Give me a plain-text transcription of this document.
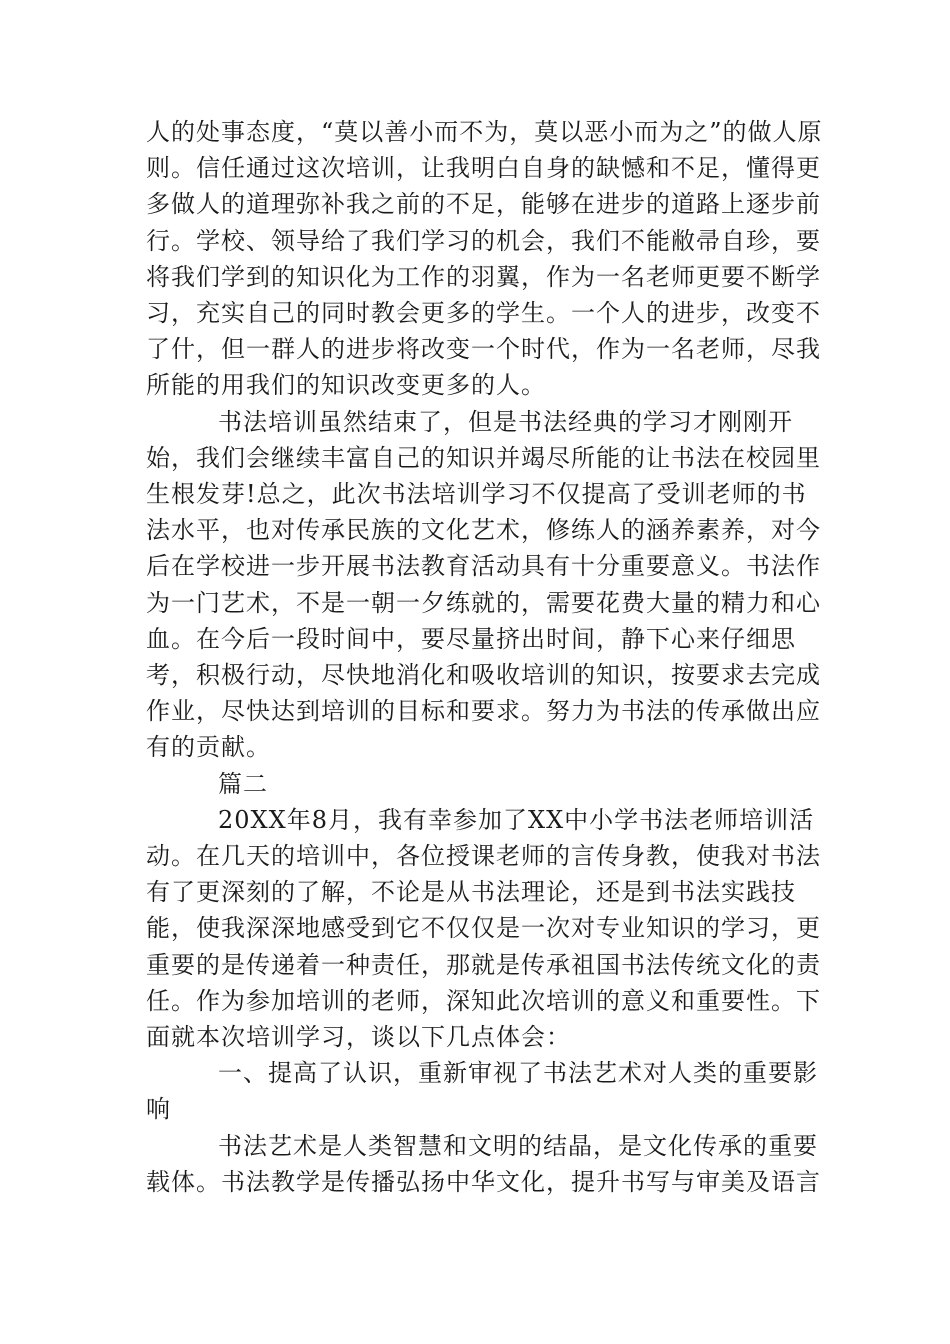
人的处事态度，“莫以善小而不为，莫以恶小而为之”的做人原则。信任通过这次培训，让我明白自身的缺憾和不足，懂得更多做人的道理弥补我之前的不足，能够在进步的道路上逐步前行。学校、领导给了我们学习的机会，我们不能敝帚自珍，要将我们学到的知识化为工作的羽翼，作为一名老师更要不断学习，充实自己的同时教会更多的学生。一个人的进步，改变不了什，但一群人的进步将改变一个时代，作为一名老师，尽我所能的用我们的知识改变更多的人。

书法培训虽然结束了，但是书法经典的学习才刚刚开始，我们会继续丰富自己的知识并竭尽所能的让书法在校园里生根发芽!总之，此次书法培训学习不仅提高了受训老师的书法水平，也对传承民族的文化艺术，修练人的涵养素养，对今后在学校进一步开展书法教育活动具有十分重要意义。书法作为一门艺术，不是一朝一夕练就的，需要花费大量的精力和心血。在今后一段时间中，要尽量挤出时间，静下心来仔细思考，积极行动，尽快地消化和吸收培训的知识，按要求去完成作业，尽快达到培训的目标和要求。努力为书法的传承做出应有的贡献。

篇二

20XX年8月，我有幸参加了XX中小学书法老师培训活动。在几天的培训中，各位授课老师的言传身教，使我对书法有了更深刻的了解，不论是从书法理论，还是到书法实践技能，使我深深地感受到它不仅仅是一次对专业知识的学习，更重要的是传递着一种责任，那就是传承祖国书法传统文化的责任。作为参加培训的老师，深知此次培训的意义和重要性。下面就本次培训学习，谈以下几点体会：

一、提高了认识，重新审视了书法艺术对人类的重要影响

书法艺术是人类智慧和文明的结晶，是文化传承的重要载体。书法教学是传播弘扬中华文化，提升书写与审美及语言
